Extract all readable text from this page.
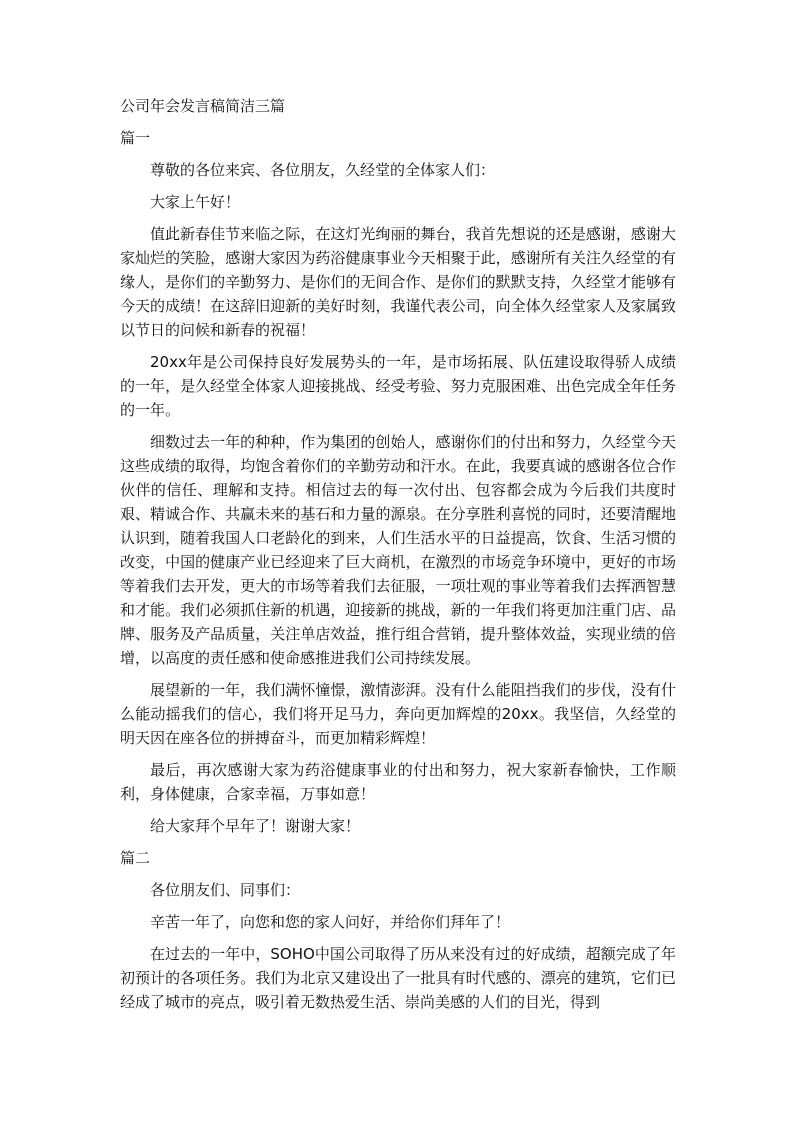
公司年会发言稿简洁三篇
篇一

尊敬的各位来宾、各位朋友，久经堂的全体家人们：

大家上午好！

值此新春佳节来临之际，在这灯光绚丽的舞台，我首先想说的还是感谢，感谢大家灿烂的笑脸，感谢大家因为药浴健康事业今天相聚于此，感谢所有关注久经堂的有缘人，是你们的辛勤努力、是你们的无间合作、是你们的默默支持，久经堂才能够有今天的成绩！在这辞旧迎新的美好时刻，我谨代表公司，向全体久经堂家人及家属致以节日的问候和新春的祝福！

20xx年是公司保持良好发展势头的一年，是市场拓展、队伍建设取得骄人成绩的一年，是久经堂全体家人迎接挑战、经受考验、努力克服困难、出色完成全年任务的一年。

细数过去一年的种种，作为集团的创始人，感谢你们的付出和努力，久经堂今天这些成绩的取得，均饱含着你们的辛勤劳动和汗水。在此，我要真诚的感谢各位合作伙伴的信任、理解和支持。相信过去的每一次付出、包容都会成为今后我们共度时艰、精诚合作、共赢未来的基石和力量的源泉。在分享胜利喜悦的同时，还要清醒地认识到，随着我国人口老龄化的到来，人们生活水平的日益提高，饮食、生活习惯的改变，中国的健康产业已经迎来了巨大商机，在激烈的市场竞争环境中，更好的市场等着我们去开发，更大的市场等着我们去征服，一项壮观的事业等着我们去挥洒智慧和才能。我们必须抓住新的机遇，迎接新的挑战，新的一年我们将更加注重门店、品牌、服务及产品质量，关注单店效益，推行组合营销，提升整体效益，实现业绩的倍增，以高度的责任感和使命感推进我们公司持续发展。

展望新的一年，我们满怀憧憬，激情澎湃。没有什么能阻挡我们的步伐，没有什么能动摇我们的信心，我们将开足马力，奔向更加辉煌的20xx。我坚信，久经堂的明天因在座各位的拼搏奋斗，而更加精彩辉煌！

最后，再次感谢大家为药浴健康事业的付出和努力，祝大家新春愉快，工作顺利，身体健康，合家幸福，万事如意！

给大家拜个早年了！谢谢大家！

篇二

各位朋友们、同事们：

辛苦一年了，向您和您的家人问好，并给你们拜年了！

在过去的一年中，SOHO中国公司取得了历从来没有过的好成绩，超额完成了年初预计的各项任务。我们为北京又建设出了一批具有时代感的、漂亮的建筑，它们已经成了城市的亮点，吸引着无数热爱生活、崇尚美感的人们的目光，得到
